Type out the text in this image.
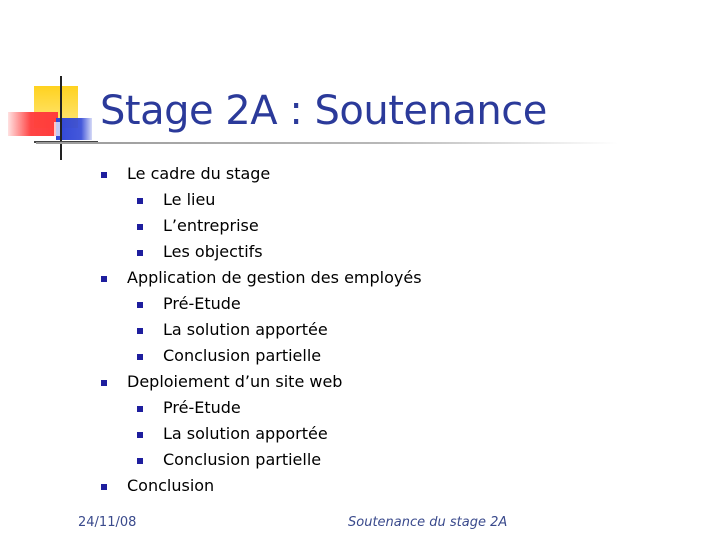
Stage 2A : Soutenance
Le cadre du stage
Le lieu
L’entreprise
Les objectifs
Application de gestion des employés
Pré-Etude
La solution apportée
Conclusion partielle
Deploiement d’un site web
Pré-Etude
La solution apportée
Conclusion partielle
Conclusion
24/11/08	Soutenance du stage 2A
